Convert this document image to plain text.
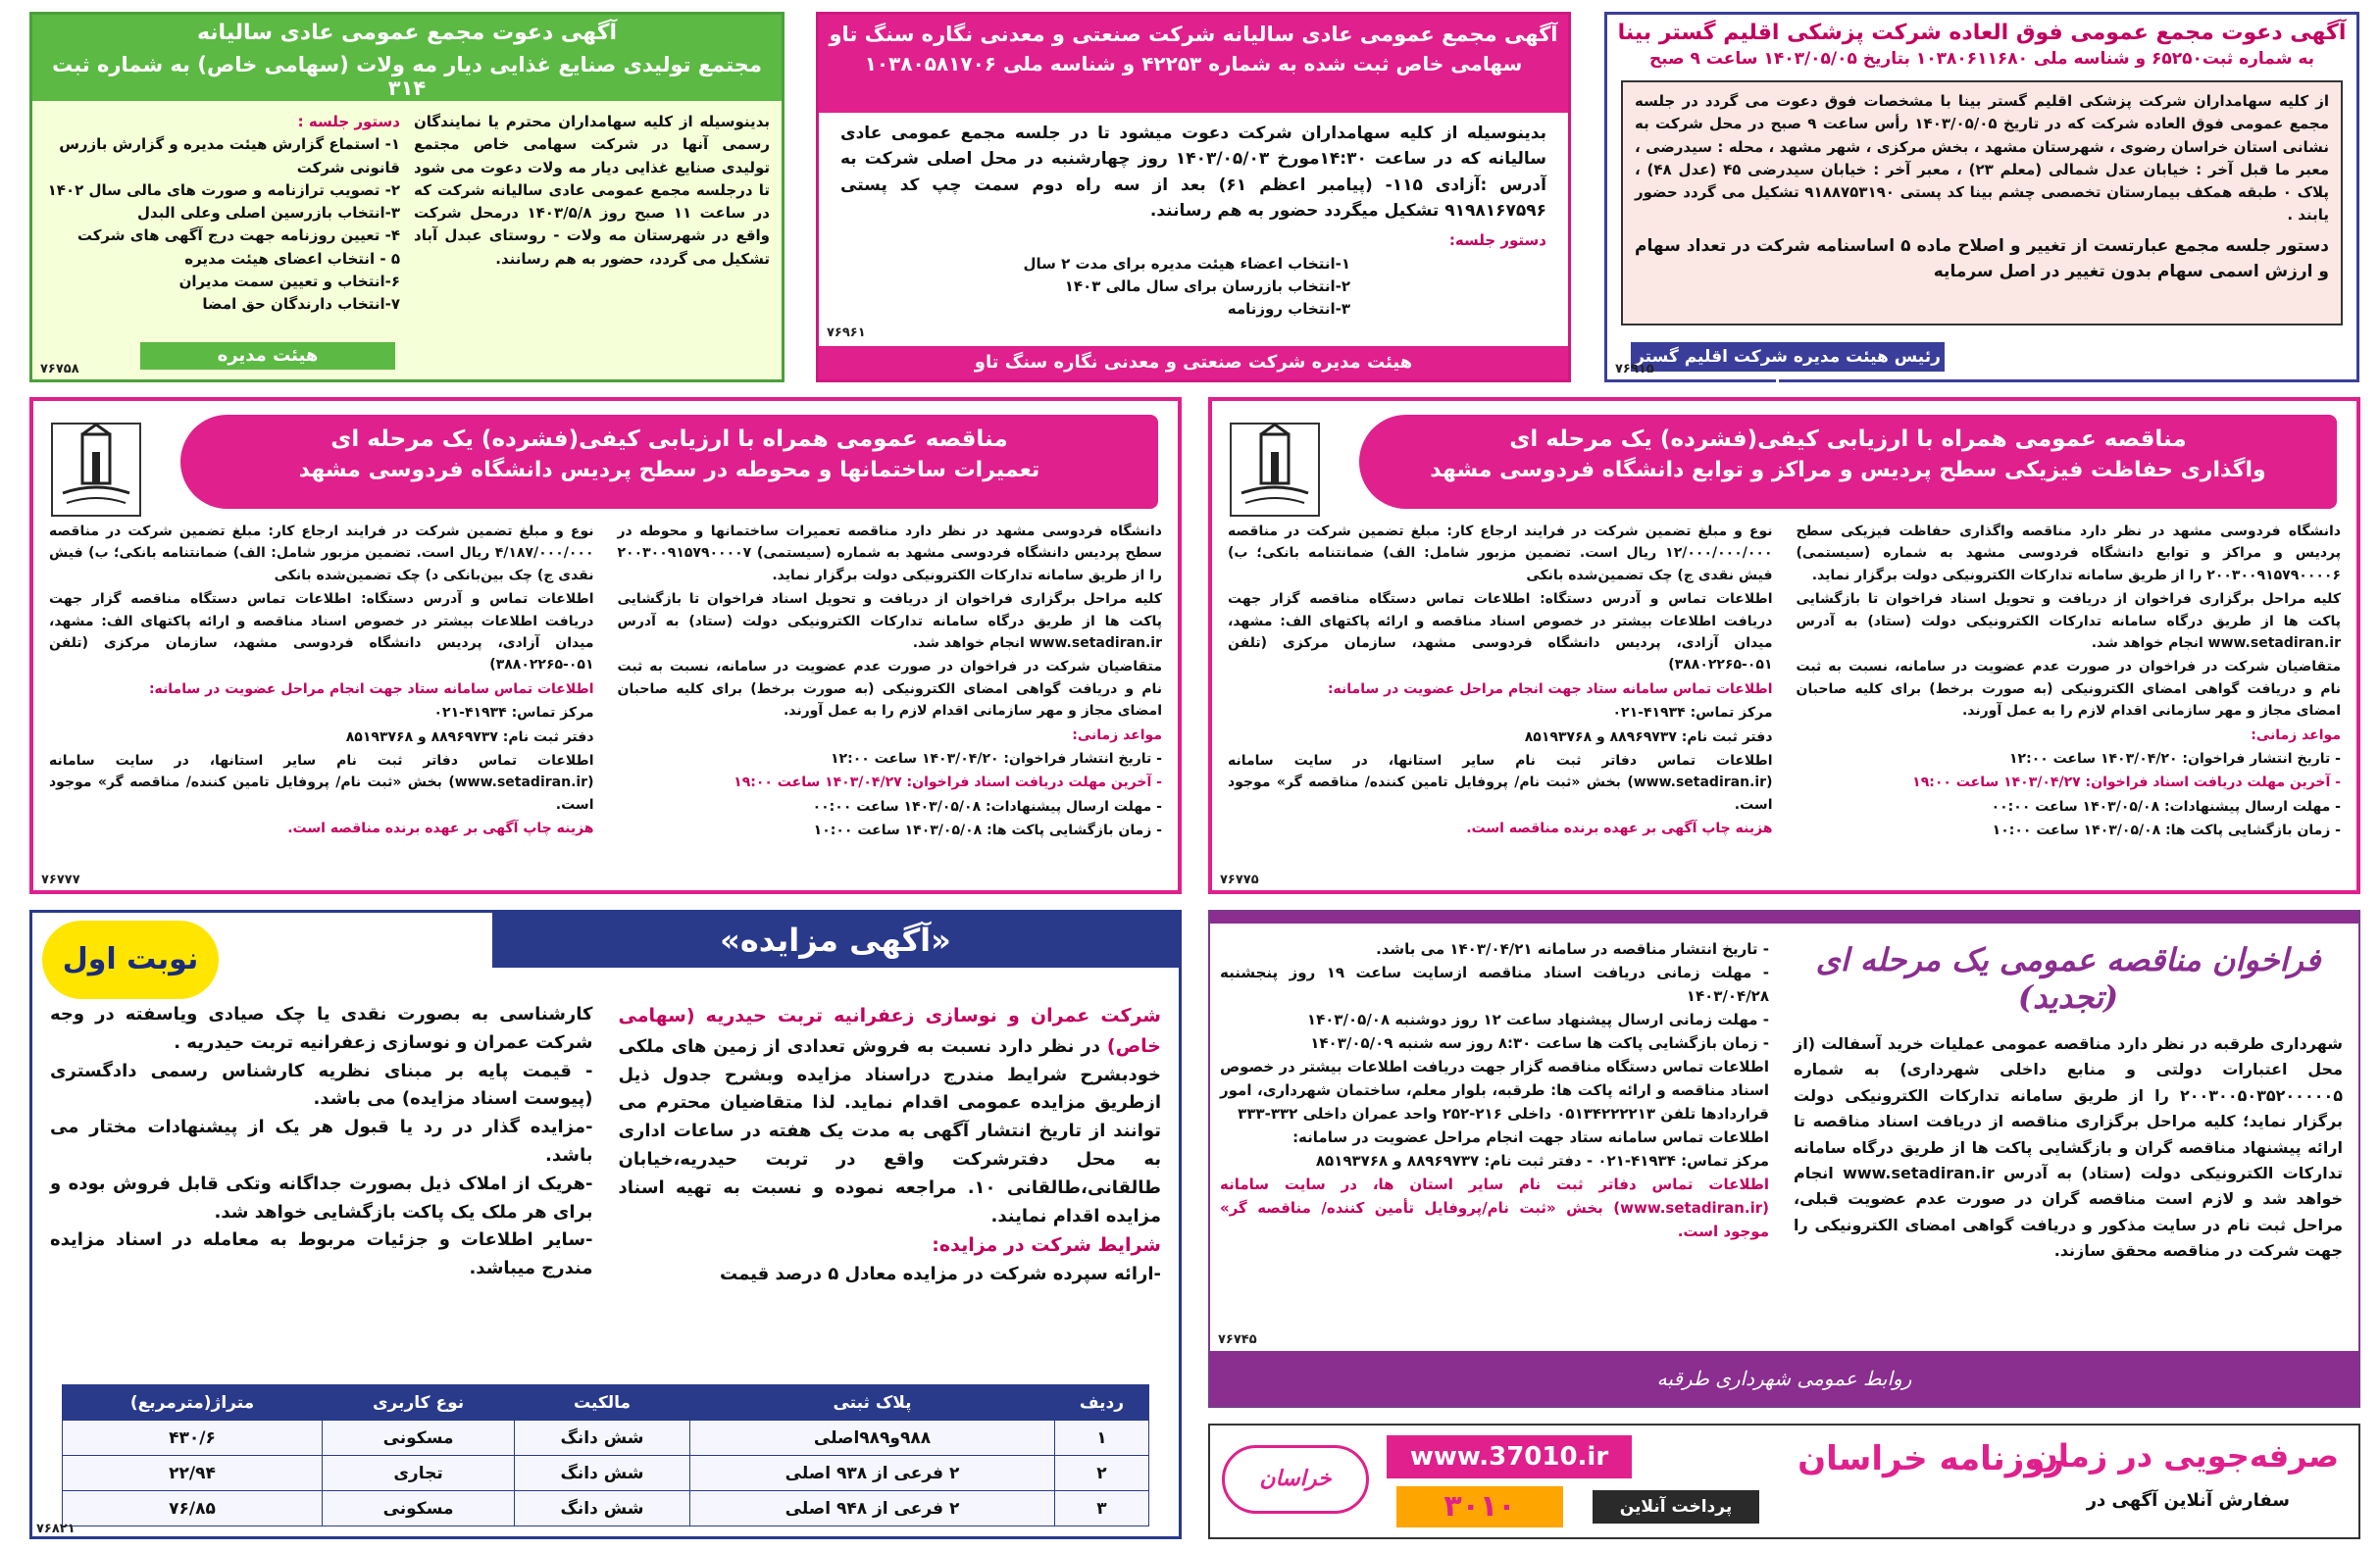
آگهی دعوت مجمع عمومی عادی سالیانه
مجتمع تولیدی صنایع غذایی دیار مه ولات (سهامی خاص) به شماره ثبت ۳۱۴

بدینوسیله از کلیه سهامداران محترم یا نمایندگان رسمی آنها در شرکت سهامی خاص مجتمع تولیدی صنایع غذایی دیار مه ولات دعوت می شود تا درجلسه مجمع عمومی عادی سالیانه شرکت که در ساعت ۱۱ صبح روز ۱۴۰۳/۵/۸ درمحل شرکت واقع در شهرستان مه ولات - روستای عبدل آباد تشکیل می گردد، حضور به هم رسانند.

دستور جلسه :
۱- استماع گزارش هیئت مدیره و گزارش بازرس قانونی شرکت
۲- تصویب ترازنامه و صورت های مالی سال ۱۴۰۲
۳-انتخاب بازرسین اصلی وعلی البدل
۴- تعیین روزنامه جهت درج آگهی های شرکت
۵ - انتخاب اعضای هیئت مدیره
۶-انتخاب و تعیین سمت مدیران
۷-انتخاب دارندگان حق امضا
هیئت مدیره
۷۶۷۵۸
آگهی مجمع عمومی عادی سالیانه شرکت صنعتی و معدنی نگاره سنگ تاو
سهامی خاص ثبت شده به شماره ۴۲۲۵۳ و شناسه ملی ۱۰۳۸۰۵۸۱۷۰۶

بدینوسیله از کلیه سهامداران شرکت دعوت میشود تا در جلسه مجمع عمومی عادی سالیانه که در ساعت ۱۴:۳۰مورخ ۱۴۰۳/۰۵/۰۳ روز چهارشنبه در محل اصلی شرکت به آدرس :آزادی ۱۱۵- (پیامبر اعظم ۶۱) بعد از سه راه دوم سمت چپ کد پستی ۹۱۹۸۱۶۷۵۹۶ تشکیل میگردد حضور به هم رسانند.

دستور جلسه:
۱-انتخاب اعضاء هیئت مدیره برای مدت ۲ سال
۲-انتخاب بازرسان برای سال مالی ۱۴۰۳
۳-انتخاب روزنامه
۷۶۹۶۱
هیئت مدیره شرکت صنعتی و معدنی نگاره سنگ تاو
آگهی دعوت مجمع عمومی فوق العاده شرکت پزشکی اقلیم گستر بینا
به شماره ثبت۶۵۲۵۰ و شناسه ملی ۱۰۳۸۰۶۱۱۶۸۰ بتاریخ ۱۴۰۳/۰۵/۰۵ ساعت ۹ صبح

از کلیه سهامداران شرکت پزشکی اقلیم گستر بینا با مشخصات فوق دعوت می گردد در جلسه مجمع عمومی فوق العاده شرکت که در تاریخ ۱۴۰۳/۰۵/۰۵ رأس ساعت ۹ صبح در محل شرکت به نشانی استان خراسان رضوی ، شهرستان مشهد ، بخش مرکزی ، شهر مشهد ، محله : سیدرضی ، معبر ما قبل آخر : خیابان عدل شمالی (معلم ۲۳) ، معبر آخر : خیابان سیدرضی ۴۵ (عدل ۴۸) ، پلاک ۰ طبقه همکف بیمارستان تخصصی چشم بینا کد پستی ۹۱۸۸۷۵۳۱۹۰ تشکیل می گردد حضور یابند .

دستور جلسه مجمع عبارتست از تغییر و اصلاح ماده ۵ اساسنامه شرکت در تعداد سهام و ارزش اسمی سهام بدون تغییر در اصل سرمایه

رئیس هیئت مدیره شرکت اقلیم گستر بینا
۷۶۹۱۵
مناقصه عمومی همراه با ارزیابی کیفی(فشرده) یک مرحله ای
تعمیرات ساختمانها و محوطه در سطح پردیس دانشگاه فردوسی مشهد

دانشگاه فردوسی مشهد در نظر دارد مناقصه تعمیرات ساختمانها و محوطه در سطح پردیس دانشگاه فردوسی مشهد به شماره (سیستمی) ۲۰۰۳۰۰۹۱۵۷۹۰۰۰۰۷ را از طریق سامانه تدارکات الکترونیکی دولت برگزار نماید.

کلیه مراحل برگزاری فراخوان از دریافت و تحویل اسناد فراخوان تا بازگشایی پاکت ها از طریق درگاه سامانه تدارکات الکترونیکی دولت (ستاد) به آدرس www.setadiran.ir انجام خواهد شد.

متقاضیان شرکت در فراخوان در صورت عدم عضویت در سامانه، نسبت به ثبت نام و دریافت گواهی امضای الکترونیکی (به صورت برخط) برای کلیه صاحبان امضای مجاز و مهر سازمانی اقدام لازم را به عمل آورند.

مواعد زمانی:

- تاریخ انتشار فراخوان: ۱۴۰۳/۰۴/۲۰ ساعت ۱۲:۰۰

- آخرین مهلت دریافت اسناد فراخوان: ۱۴۰۳/۰۴/۲۷ ساعت ۱۹:۰۰

- مهلت ارسال پیشنهادات: ۱۴۰۳/۰۵/۰۸ ساعت ۰۰:۰۰

- زمان بازگشایی پاکت ها: ۱۴۰۳/۰۵/۰۸ ساعت ۱۰:۰۰

نوع و مبلغ تضمین شرکت در فرایند ارجاع کار: مبلغ تضمین شرکت در مناقصه ۴/۱۸۷/۰۰۰/۰۰۰ ریال است. تضمین مزبور شامل: الف) ضمانتنامه بانکی؛ ب) فیش نقدی ج) چک بین‌بانکی د) چک تضمین‌شده بانکی

اطلاعات تماس و آدرس دستگاه: اطلاعات تماس دستگاه مناقصه گزار جهت دریافت اطلاعات بیشتر در خصوص اسناد مناقصه و ارائه پاکتهای الف: مشهد، میدان آزادی، پردیس دانشگاه فردوسی مشهد، سازمان مرکزی (تلفن ۰۵۱-۳۸۸۰۲۲۶۵)

اطلاعات تماس سامانه ستاد جهت انجام مراحل عضویت در سامانه:

مرکز تماس: ۴۱۹۳۴-۰۲۱

دفتر ثبت نام: ۸۸۹۶۹۷۳۷ و ۸۵۱۹۳۷۶۸

اطلاعات تماس دفاتر ثبت نام سایر استانها، در سایت سامانه (www.setadiran.ir) بخش «ثبت نام/ پروفایل تامین کننده/ مناقصه گر» موجود است.

هزینه چاپ آگهی بر عهده برنده مناقصه است.

۷۶۷۷۷
مناقصه عمومی همراه با ارزیابی کیفی(فشرده) یک مرحله ای
واگذاری حفاظت فیزیکی سطح پردیس و مراکز و توابع دانشگاه فردوسی مشهد

دانشگاه فردوسی مشهد در نظر دارد مناقصه واگذاری حفاظت فیزیکی سطح پردیس و مراکز و توابع دانشگاه فردوسی مشهد به شماره (سیستمی) ۲۰۰۳۰۰۹۱۵۷۹۰۰۰۰۶ را از طریق سامانه تدارکات الکترونیکی دولت برگزار نماید.

کلیه مراحل برگزاری فراخوان از دریافت و تحویل اسناد فراخوان تا بازگشایی پاکت ها از طریق درگاه سامانه تدارکات الکترونیکی دولت (ستاد) به آدرس www.setadiran.ir انجام خواهد شد.

متقاضیان شرکت در فراخوان در صورت عدم عضویت در سامانه، نسبت به ثبت نام و دریافت گواهی امضای الکترونیکی (به صورت برخط) برای کلیه صاحبان امضای مجاز و مهر سازمانی اقدام لازم را به عمل آورند.

مواعد زمانی:

- تاریخ انتشار فراخوان: ۱۴۰۳/۰۴/۲۰ ساعت ۱۲:۰۰

- آخرین مهلت دریافت اسناد فراخوان: ۱۴۰۳/۰۴/۲۷ ساعت ۱۹:۰۰

- مهلت ارسال پیشنهادات: ۱۴۰۳/۰۵/۰۸ ساعت ۰۰:۰۰

- زمان بازگشایی پاکت ها: ۱۴۰۳/۰۵/۰۸ ساعت ۱۰:۰۰

نوع و مبلغ تضمین شرکت در فرایند ارجاع کار: مبلغ تضمین شرکت در مناقصه ۱۲/۰۰۰/۰۰۰/۰۰۰ ریال است. تضمین مزبور شامل: الف) ضمانتنامه بانکی؛ ب) فیش نقدی ج) چک تضمین‌شده بانکی

اطلاعات تماس و آدرس دستگاه: اطلاعات تماس دستگاه مناقصه گزار جهت دریافت اطلاعات بیشتر در خصوص اسناد مناقصه و ارائه پاکتهای الف: مشهد، میدان آزادی، پردیس دانشگاه فردوسی مشهد، سازمان مرکزی (تلفن ۰۵۱-۳۸۸۰۲۲۶۵)

اطلاعات تماس سامانه ستاد جهت انجام مراحل عضویت در سامانه:

مرکز تماس: ۴۱۹۳۴-۰۲۱

دفتر ثبت نام: ۸۸۹۶۹۷۳۷ و ۸۵۱۹۳۷۶۸

اطلاعات تماس دفاتر ثبت نام سایر استانها، در سایت سامانه (www.setadiran.ir) بخش «ثبت نام/ پروفایل تامین کننده/ مناقصه گر» موجود است.

هزینه چاپ آگهی بر عهده برنده مناقصه است.

۷۶۷۷۵
«آگهی مزایده»
نوبت اول
شرکت عمران و نوسازی زعفرانیه تربت حیدریه (سهامی خاص) در نظر دارد نسبت به فروش تعدادی از زمین های ملکی خودبشرح شرایط مندرج دراسناد مزایده وبشرح جدول ذیل ازطریق مزایده عمومی اقدام نماید. لذا متقاضیان محترم می توانند از تاریخ انتشار آگهی به مدت یک هفته در ساعات اداری به محل دفترشرکت واقع در تربت حیدریه،خیابان طالقانی،طالقانی ۱۰. مراجعه نموده و نسبت به تهیه اسناد مزایده اقدام نمایند.
شرایط شرکت در مزایده:
-ارائه سپرده شرکت در مزایده معادل ۵ درصد قیمت

کارشناسی به بصورت نقدی یا چک صیادی ویاسفته در وجه شرکت عمران و نوسازی زعفرانیه تربت حیدریه .

- قیمت پایه بر مبنای نظریه کارشناس رسمی دادگستری (پیوست اسناد مزایده) می باشد.

-مزایده گذار در رد یا قبول هر یک از پیشنهادات مختار می باشد.

-هریک از املاک ذیل بصورت جداگانه وتکی قابل فروش بوده و برای هر ملک یک پاکت بازگشایی خواهد شد.

-سایر اطلاعات و جزئیات مربوط به معامله در اسناد مزایده مندرج میباشد.

ردیف	پلاک ثبتی	مالکیت	نوع کاربری	متراژ(مترمربع)
۱	۹۸۸و۹۸۹اصلی	شش دانگ	مسکونی	۴۳۰/۶
۲	۲ فرعی از ۹۳۸ اصلی	شش دانگ	تجاری	۲۲/۹۴
۳	۲ فرعی از ۹۴۸ اصلی	شش دانگ	مسکونی	۷۶/۸۵
۷۶۸۲۱
فراخوان مناقصه عمومی یک مرحله ای (تجدید)

شهرداری طرقبه در نظر دارد مناقصه عمومی عملیات خرید آسفالت (از محل اعتبارات دولتی و منابع داخلی شهرداری) به شماره ۲۰۰۳۰۰۵۰۳۵۲۰۰۰۰۰۵ را از طریق سامانه تدارکات الکترونیکی دولت برگزار نماید؛ کلیه مراحل برگزاری مناقصه از دریافت اسناد مناقصه تا ارائه پیشنهاد مناقصه گران و بازگشایی پاکت ها از طریق درگاه سامانه تدارکات الکترونیکی دولت (ستاد) به آدرس www.setadiran.ir انجام خواهد شد و لازم است مناقصه گران در صورت عدم عضویت قبلی، مراحل ثبت نام در سایت مذکور و دریافت گواهی امضای الکترونیکی را جهت شرکت در مناقصه محقق سازند.

- تاریخ انتشار مناقصه در سامانه ۱۴۰۳/۰۴/۲۱ می باشد.

- مهلت زمانی دریافت اسناد مناقصه ازسایت ساعت ۱۹ روز پنجشنبه ۱۴۰۳/۰۴/۲۸

- مهلت زمانی ارسال پیشنهاد ساعت ۱۲ روز دوشنبه ۱۴۰۳/۰۵/۰۸

- زمان بازگشایی پاکت ها ساعت ۸:۳۰ روز سه شنبه ۱۴۰۳/۰۵/۰۹

اطلاعات تماس دستگاه مناقصه گزار جهت دریافت اطلاعات بیشتر در خصوص اسناد مناقصه و ارائه پاکت ها: طرقبه، بلوار معلم، ساختمان شهرداری، امور قراردادها تلفن ۰۵۱۳۴۲۲۲۲۱۳ داخلی ۲۱۶-۲۵۲ واحد عمران داخلی ۳۳۲-۳۳۳

اطلاعات تماس سامانه ستاد جهت انجام مراحل عضویت در سامانه:

مرکز تماس: ۴۱۹۳۴-۰۲۱ - دفتر ثبت نام: ۸۸۹۶۹۷۳۷ و ۸۵۱۹۳۷۶۸

اطلاعات تماس دفاتر ثبت نام سایر استان ها، در سایت سامانه (www.setadiran.ir) بخش «ثبت نام/پروفایل تأمین کننده/ مناقصه گر» موجود است.

روابط عمومی شهرداری طرقبه
۷۶۷۴۵
صرفه‌جویی در زمان
روزنامه خراسان
سفارش آنلاین آگهی در
www.37010.ir
۳۰۱۰	پرداخت آنلاین
خراسان
